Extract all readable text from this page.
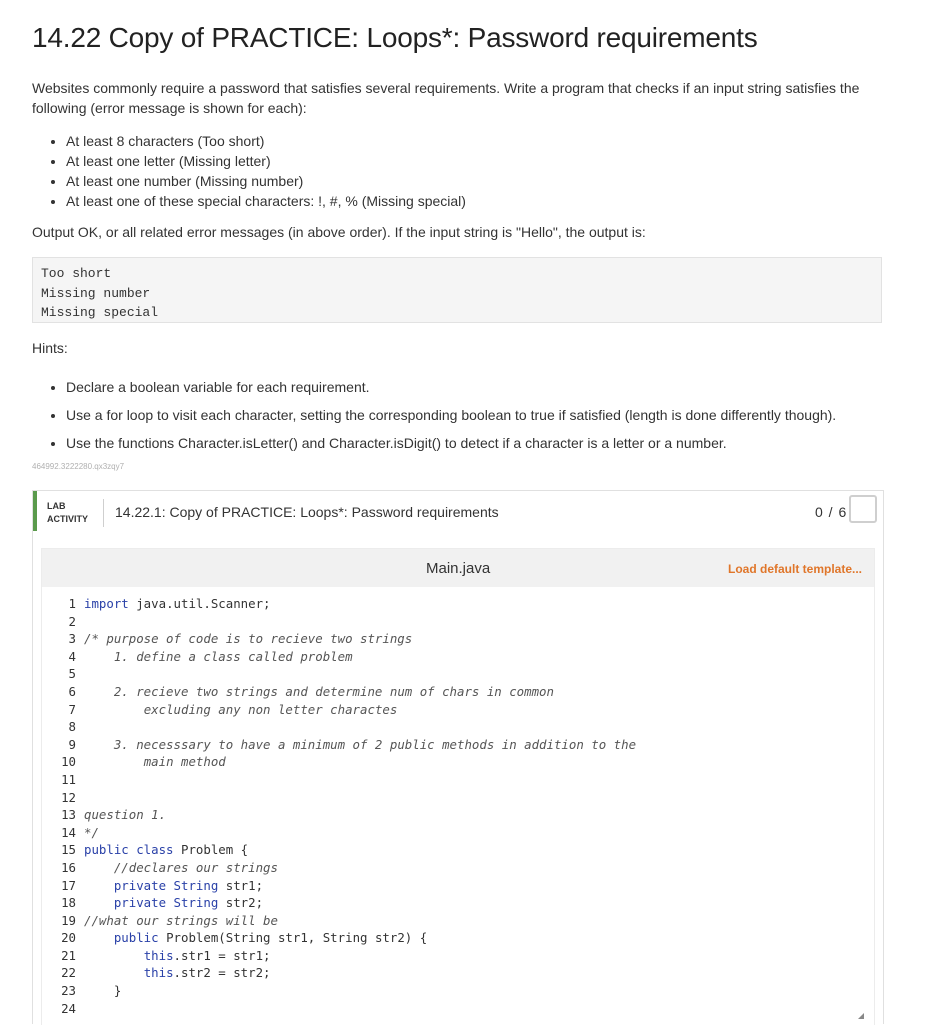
14.22 Copy of PRACTICE: Loops*: Password requirements

Websites commonly require a password that satisfies several requirements. Write a program that checks if an input string satisfies the following (error message is shown for each):

• At least 8 characters (Too short)
• At least one letter (Missing letter)
• At least one number (Missing number)
• At least one of these special characters: !, #, % (Missing special)

Output OK, or all related error messages (in above order). If the input string is "Hello", the output is:

Too short
Missing number
Missing special

Hints:

• Declare a boolean variable for each requirement.
• Use a for loop to visit each character, setting the corresponding boolean to true if satisfied (length is done differently though).
• Use the functions Character.isLetter() and Character.isDigit() to detect if a character is a letter or a number.
464992.3222280.qx3zqy7
LAB
ACTIVITY 14.22.1: Copy of PRACTICE: Loops*: Password requirements	0 / 6
Main.java	Load default template...
1 import java.util.Scanner;
2
3 /* purpose of code is to recieve two strings
4	1. define a class called problem
5
6	2. recieve two strings and determine num of chars in common
7	excluding any non letter charactes
8
9	3. necesssary to have a minimum of 2 public methods in addition to the
10	main method
11
12
13 question 1.
14 */
15 public class Problem {
16	//declares our strings
17	private String str1;
18	private String str2;
19 //what our strings will be
20	public Problem(String str1, String str2) {
21	this.str1 = str1;
22	this.str2 = str2;
23	}
24
